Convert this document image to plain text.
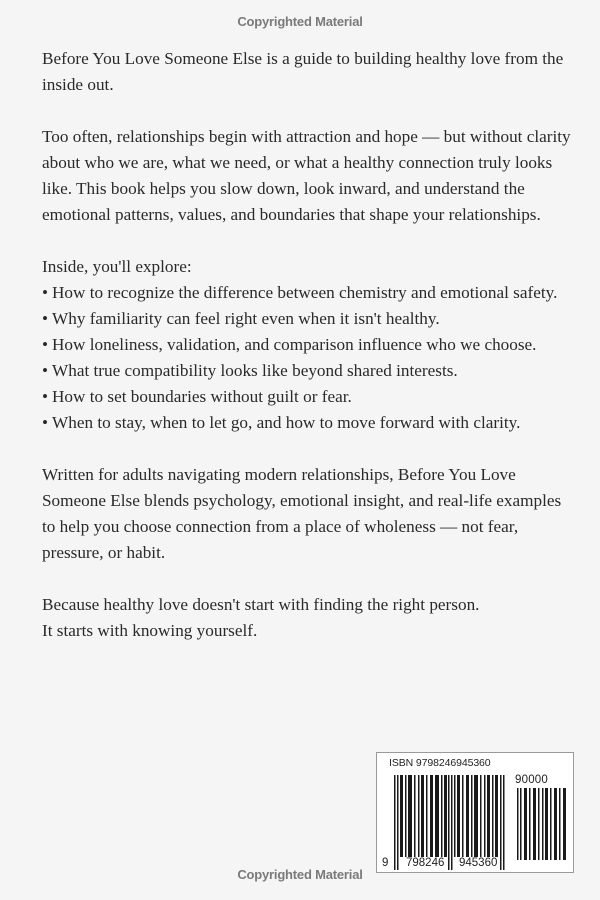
Copyrighted Material

Before You Love Someone Else is a guide to building healthy love from the inside out.

Too often, relationships begin with attraction and hope — but without clarity about who we are, what we need, or what a healthy connection truly looks like. This book helps you slow down, look inward, and understand the emotional patterns, values, and boundaries that shape your relationships.

Inside, you'll explore:
• How to recognize the difference between chemistry and emotional safety.
• Why familiarity can feel right even when it isn't healthy.
• How loneliness, validation, and comparison influence who we choose.
• What true compatibility looks like beyond shared interests.
• How to set boundaries without guilt or fear.
• When to stay, when to let go, and how to move forward with clarity.

Written for adults navigating modern relationships, Before You Love Someone Else blends psychology, emotional insight, and real-life examples to help you choose connection from a place of wholeness — not fear, pressure, or habit.

Because healthy love doesn't start with finding the right person.
It starts with knowing yourself.
ISBN 9798246945360
90000
9 798246 945360
Copyrighted Material
